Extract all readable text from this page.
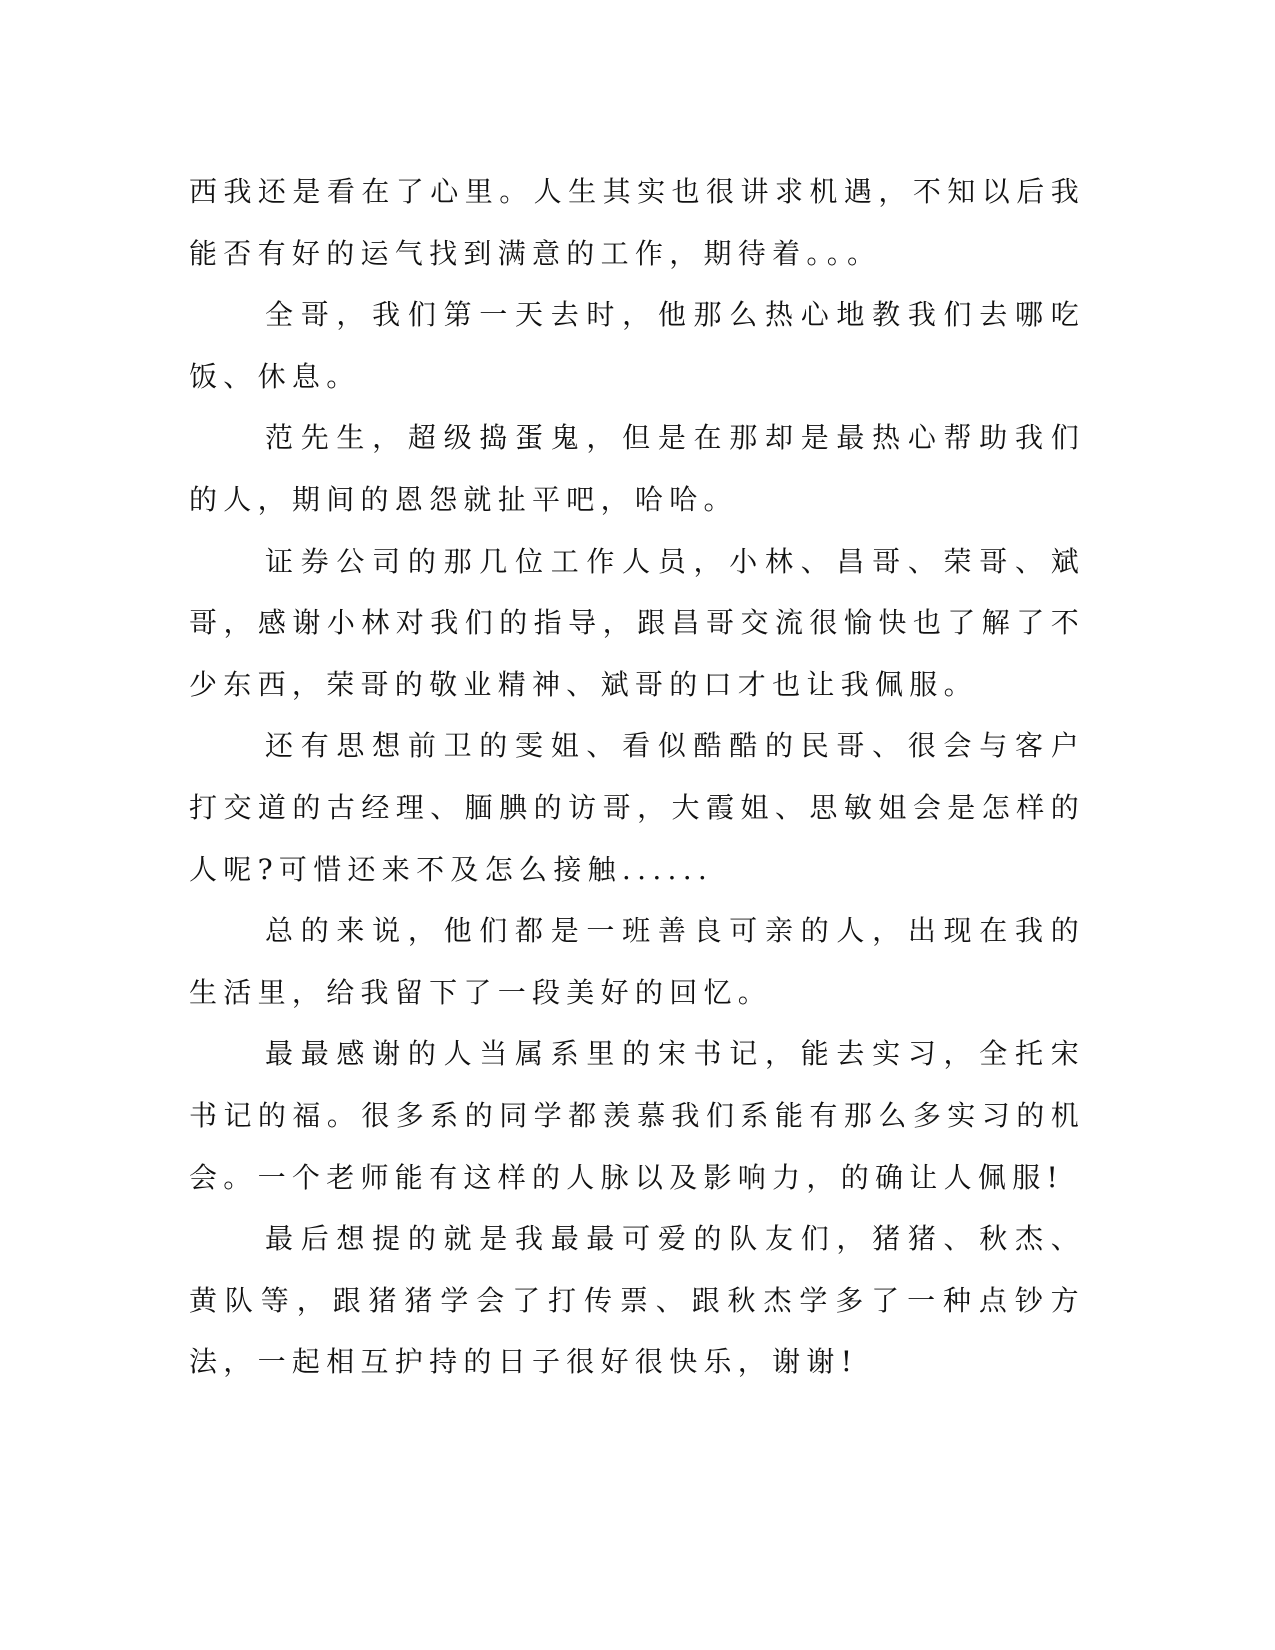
西我还是看在了心里。人生其实也很讲求机遇，不知以后我能否有好的运气找到满意的工作，期待着。。。

全哥，我们第一天去时，他那么热心地教我们去哪吃饭、休息。

范先生，超级捣蛋鬼，但是在那却是最热心帮助我们的人，期间的恩怨就扯平吧，哈哈。

证券公司的那几位工作人员，小林、昌哥、荣哥、斌哥，感谢小林对我们的指导，跟昌哥交流很愉快也了解了不少东西，荣哥的敬业精神、斌哥的口才也让我佩服。

还有思想前卫的雯姐、看似酷酷的民哥、很会与客户打交道的古经理、腼腆的访哥，大霞姐、思敏姐会是怎样的人呢?可惜还来不及怎么接触......

总的来说，他们都是一班善良可亲的人，出现在我的生活里，给我留下了一段美好的回忆。

最最感谢的人当属系里的宋书记，能去实习，全托宋书记的福。很多系的同学都羡慕我们系能有那么多实习的机会。一个老师能有这样的人脉以及影响力，的确让人佩服!

最后想提的就是我最最可爱的队友们，猪猪、秋杰、黄队等，跟猪猪学会了打传票、跟秋杰学多了一种点钞方法，一起相互护持的日子很好很快乐，谢谢!
